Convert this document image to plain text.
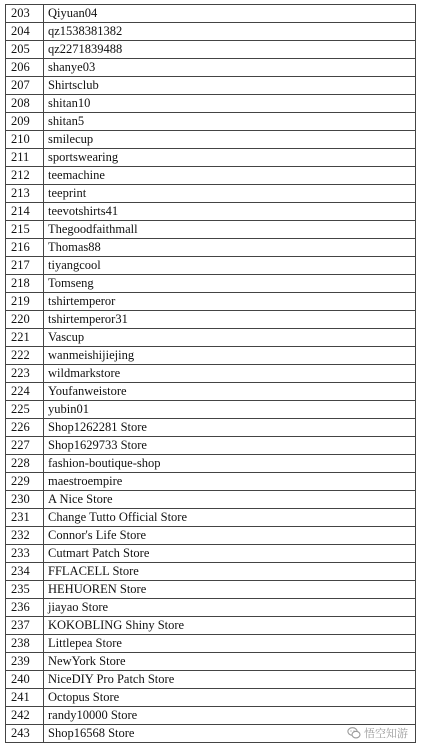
203	Qiyuan04
204	qz1538381382
205	qz2271839488
206	shanye03
207	Shirtsclub
208	shitan10
209	shitan5
210	smilecup
211	sportswearing
212	teemachine
213	teeprint
214	teevotshirts41
215	Thegoodfaithmall
216	Thomas88
217	tiyangcool
218	Tomseng
219	tshirtemperor
220	tshirtemperor31
221	Vascup
222	wanmeishijiejing
223	wildmarkstore
224	Youfanweistore
225	yubin01
226	Shop1262281 Store
227	Shop1629733 Store
228	fashion-boutique-shop
229	maestroempire
230	A Nice Store
231	Change Tutto Official Store
232	Connor's Life Store
233	Cutmart Patch Store
234	FFLACELL Store
235	HEHUOREN Store
236	jiayao Store
237	KOKOBLING Shiny Store
238	Littlepea Store
239	NewYork Store
240	NiceDIY Pro Patch Store
241	Octopus Store
242	randy10000 Store
243	Shop16568 Store	悟空知游
